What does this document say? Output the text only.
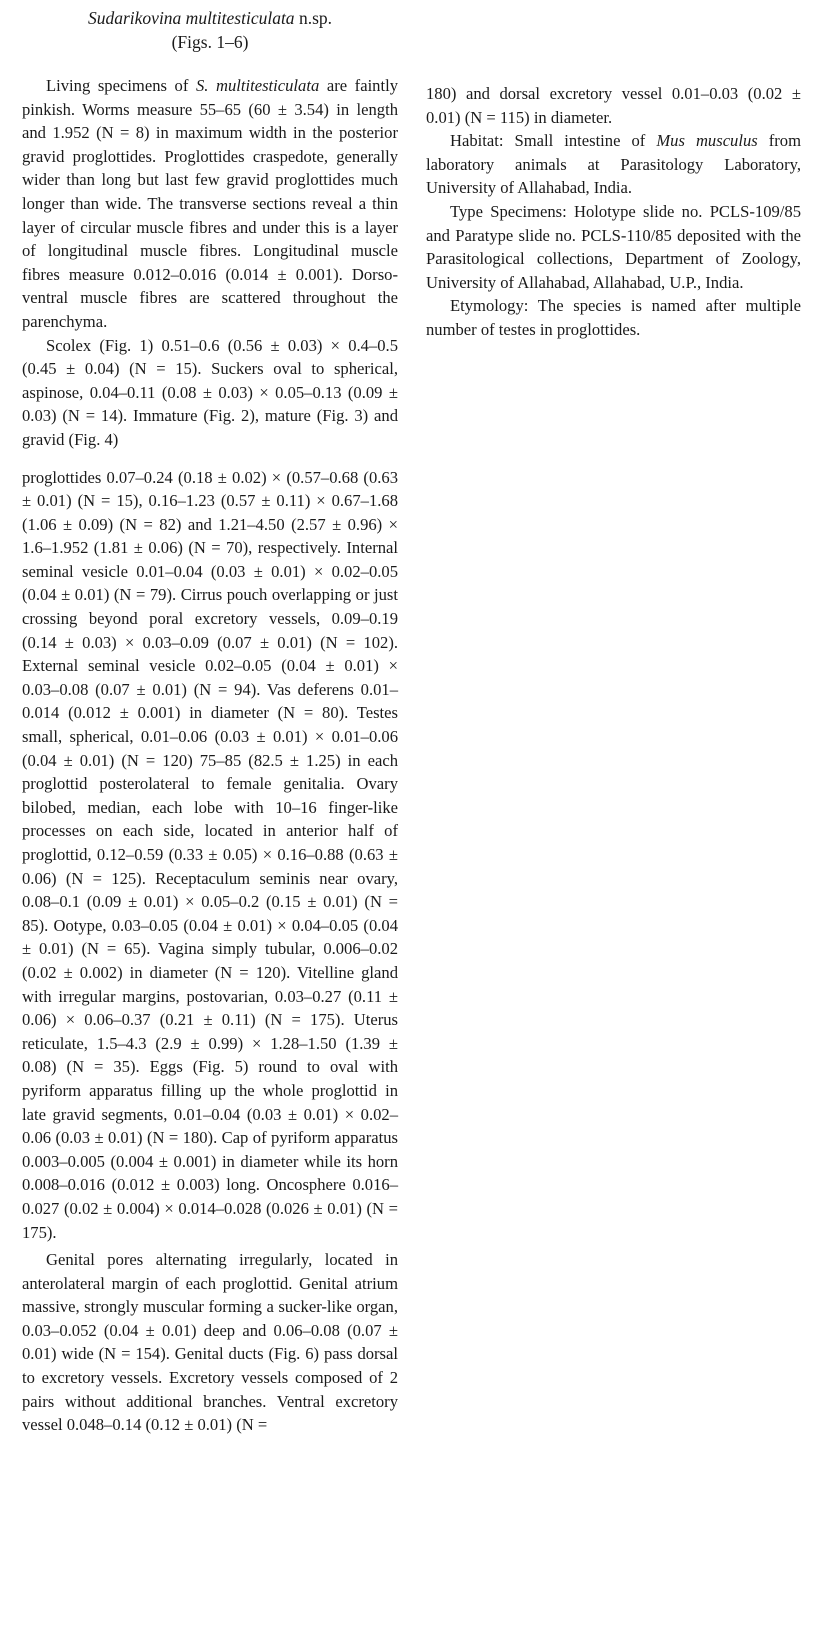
Sudarikovina multitesticulata n.sp.
(Figs. 1–6)

Living specimens of S. multitesticulata are faintly pinkish. Worms measure 55–65 (60 ± 3.54) in length and 1.952 (N = 8) in maximum width in the posterior gravid proglottides. Proglottides craspedote, generally wider than long but last few gravid proglottides much longer than wide. The transverse sections reveal a thin layer of circular muscle fibres and under this is a layer of longitudinal muscle fibres. Longitudinal muscle fibres measure 0.012–0.016 (0.014 ± 0.001). Dorso-ventral muscle fibres are scattered throughout the parenchyma.

Scolex (Fig. 1) 0.51–0.6 (0.56 ± 0.03) × 0.4–0.5 (0.45 ± 0.04) (N = 15). Suckers oval to spherical, aspinose, 0.04–0.11 (0.08 ± 0.03) × 0.05–0.13 (0.09 ± 0.03) (N = 14). Immature (Fig. 2), mature (Fig. 3) and gravid (Fig. 4)

proglottides 0.07–0.24 (0.18 ± 0.02) × (0.57–0.68 (0.63 ± 0.01) (N = 15), 0.16–1.23 (0.57 ± 0.11) × 0.67–1.68 (1.06 ± 0.09) (N = 82) and 1.21–4.50 (2.57 ± 0.96) × 1.6–1.952 (1.81 ± 0.06) (N = 70), respectively. Internal seminal vesicle 0.01–0.04 (0.03 ± 0.01) × 0.02–0.05 (0.04 ± 0.01) (N = 79). Cirrus pouch overlapping or just crossing beyond poral excretory vessels, 0.09–0.19 (0.14 ± 0.03) × 0.03–0.09 (0.07 ± 0.01) (N = 102). External seminal vesicle 0.02–0.05 (0.04 ± 0.01) × 0.03–0.08 (0.07 ± 0.01) (N = 94). Vas deferens 0.01–0.014 (0.012 ± 0.001) in diameter (N = 80). Testes small, spherical, 0.01–0.06 (0.03 ± 0.01) × 0.01–0.06 (0.04 ± 0.01) (N = 120) 75–85 (82.5 ± 1.25) in each proglottid posterolateral to female genitalia. Ovary bilobed, median, each lobe with 10–16 finger-like processes on each side, located in anterior half of proglottid, 0.12–0.59 (0.33 ± 0.05) × 0.16–0.88 (0.63 ± 0.06) (N = 125). Receptaculum seminis near ovary, 0.08–0.1 (0.09 ± 0.01) × 0.05–0.2 (0.15 ± 0.01) (N = 85). Ootype, 0.03–0.05 (0.04 ± 0.01) × 0.04–0.05 (0.04 ± 0.01) (N = 65). Vagina simply tubular, 0.006–0.02 (0.02 ± 0.002) in diameter (N = 120). Vitelline gland with irregular margins, postovarian, 0.03–0.27 (0.11 ± 0.06) × 0.06–0.37 (0.21 ± 0.11) (N = 175). Uterus reticulate, 1.5–4.3 (2.9 ± 0.99) × 1.28–1.50 (1.39 ± 0.08) (N = 35). Eggs (Fig. 5) round to oval with pyriform apparatus filling up the whole proglottid in late gravid segments, 0.01–0.04 (0.03 ± 0.01) × 0.02–0.06 (0.03 ± 0.01) (N = 180). Cap of pyriform apparatus 0.003–0.005 (0.004 ± 0.001) in diameter while its horn 0.008–0.016 (0.012 ± 0.003) long. Oncosphere 0.016–0.027 (0.02 ± 0.004) × 0.014–0.028 (0.026 ± 0.01) (N = 175).

Genital pores alternating irregularly, located in anterolateral margin of each proglottid. Genital atrium massive, strongly muscular forming a sucker-like organ, 0.03–0.052 (0.04 ± 0.01) deep and 0.06–0.08 (0.07 ± 0.01) wide (N = 154). Genital ducts (Fig. 6) pass dorsal to excretory vessels. Excretory vessels composed of 2 pairs without additional branches. Ventral excretory vessel 0.048–0.14 (0.12 ± 0.01) (N =

180) and dorsal excretory vessel 0.01–0.03 (0.02 ± 0.01) (N = 115) in diameter.

Habitat: Small intestine of Mus musculus from laboratory animals at Parasitology Laboratory, University of Allahabad, India.

Type Specimens: Holotype slide no. PCLS-109/85 and Paratype slide no. PCLS-110/85 deposited with the Parasitological collections, Department of Zoology, University of Allahabad, Allahabad, U.P., India.

Etymology: The species is named after multiple number of testes in proglottides.
